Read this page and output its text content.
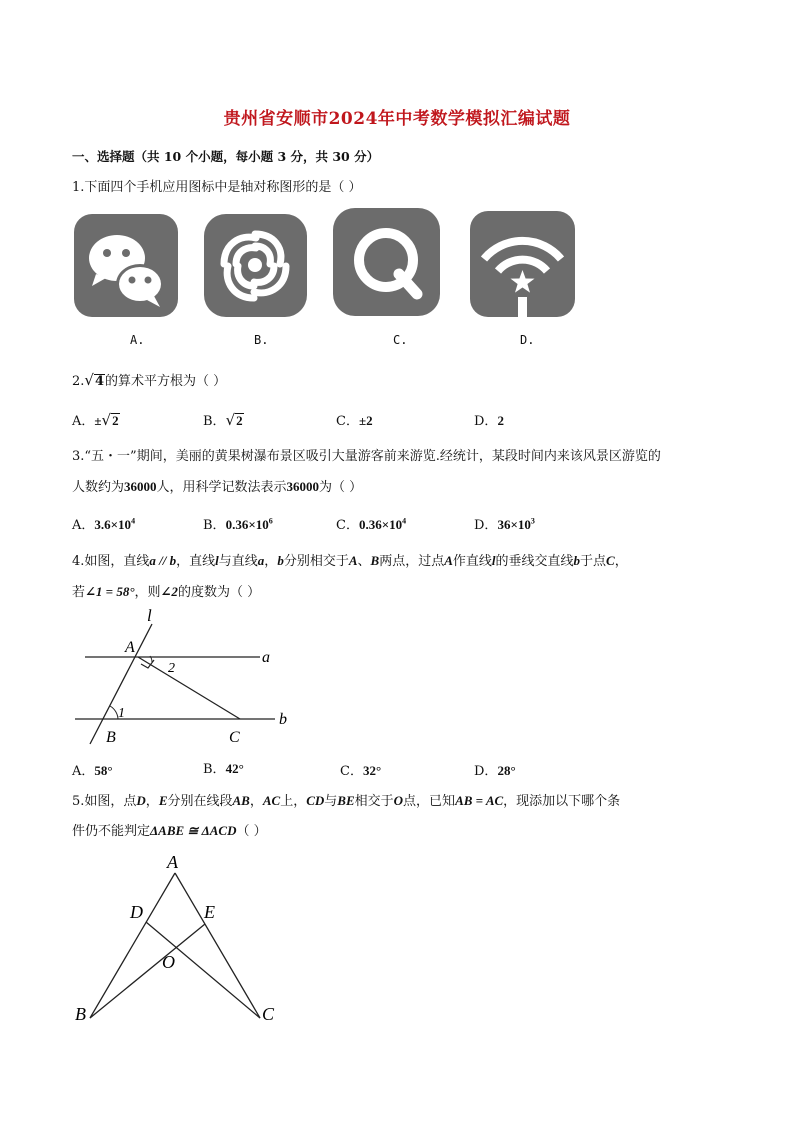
贵州省安顺市2024年中考数学模拟汇编试题
一、选择题（共 10 个小题，每小题 3 分，共 30 分）
1.下面四个手机应用图标中是轴对称图形的是（ ）
A.	B.	C.	D.
2.√4的算术平方根为（ ）
A．±√2	B．√2	C．±2	D．2
3.“五・一”期间，美丽的黄果树瀑布景区吸引大量游客前来游览.经统计，某段时间内来该风景区游览的
人数约为36000人，用科学记数法表示36000为（ ）
A．$3.6\times 10^4$	B．$0.36\times 10^6$	C．$0.36\times 10^4$	D．$36\times 10^3$
4.如图，直线a // b，直线l与直线a，b分别相交于A、B两点，过点A作直线l的垂线交直线b于点C，
若∠1 = 58°，则∠2的度数为（ ）
l
A
2
a
1	b
B	C
A．58°	B．42°	C．32°	D．28°
5.如图，点D，E分别在线段AB，AC上，CD与BE相交于O点，已知AB = AC，现添加以下哪个条
件仍不能判定ΔABE ≅ ΔACD（ ）
A
D	E
O
B	C
